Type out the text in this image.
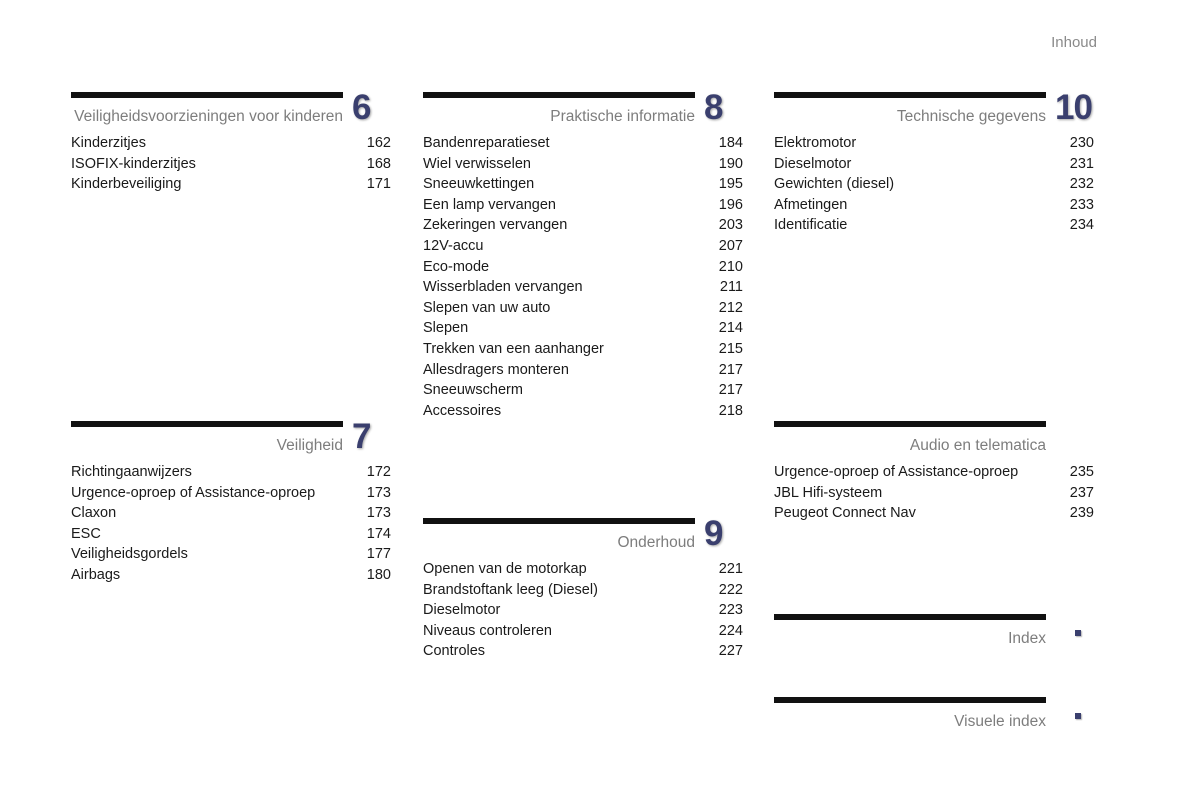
Inhoud
Veiligheidsvoorzieningen voor kinderen 6
Kinderzitjes	162
ISOFIX-kinderzitjes	168
Kinderbeveiliging	171
Veiligheid 7
Richtingaanwijzers	172
Urgence-oproep of Assistance-oproep	173
Claxon	173
ESC	174
Veiligheidsgordels	177
Airbags	180
Praktische informatie 8
Bandenreparatieset	184
Wiel verwisselen	190
Sneeuwkettingen	195
Een lamp vervangen	196
Zekeringen vervangen	203
12V-accu	207
Eco-mode	210
Wisserbladen vervangen	211
Slepen van uw auto	212
Slepen	214
Trekken van een aanhanger	215
Allesdragers monteren	217
Sneeuwscherm	217
Accessoires	218
Onderhoud 9
Openen van de motorkap	221
Brandstoftank leeg (Diesel)	222
Dieselmotor	223
Niveaus controleren	224
Controles	227
Technische gegevens 10
Elektromotor	230
Dieselmotor	231
Gewichten (diesel)	232
Afmetingen	233
Identificatie	234
Audio en telematica
Urgence-oproep of Assistance-oproep	235
JBL Hifi-systeem	237
Peugeot Connect Nav	239
Index
Visuele index
